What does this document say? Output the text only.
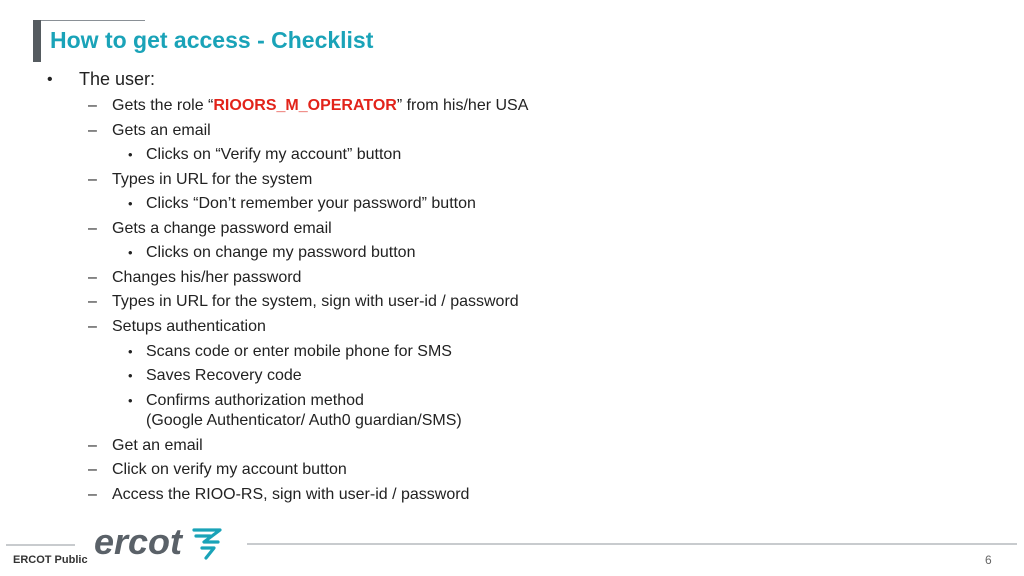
How to get access - Checklist
• The user:
– Gets the role “RIOORS_M_OPERATOR” from his/her USA
– Gets an email
• Clicks on “Verify my account” button
– Types in URL for the system
• Clicks “Don’t remember your password” button
– Gets a change password email
• Clicks on change my password button
– Changes his/her password
– Types in URL for the system, sign with user-id / password
– Setups authentication
• Scans code or enter mobile phone for SMS
• Saves Recovery code
• Confirms authorization method
(Google Authenticator/ Auth0 guardian/SMS)
– Get an email
– Click on verify my account button
– Access the RIOO-RS, sign with user-id / password
ercot
ERCOT Public	6
